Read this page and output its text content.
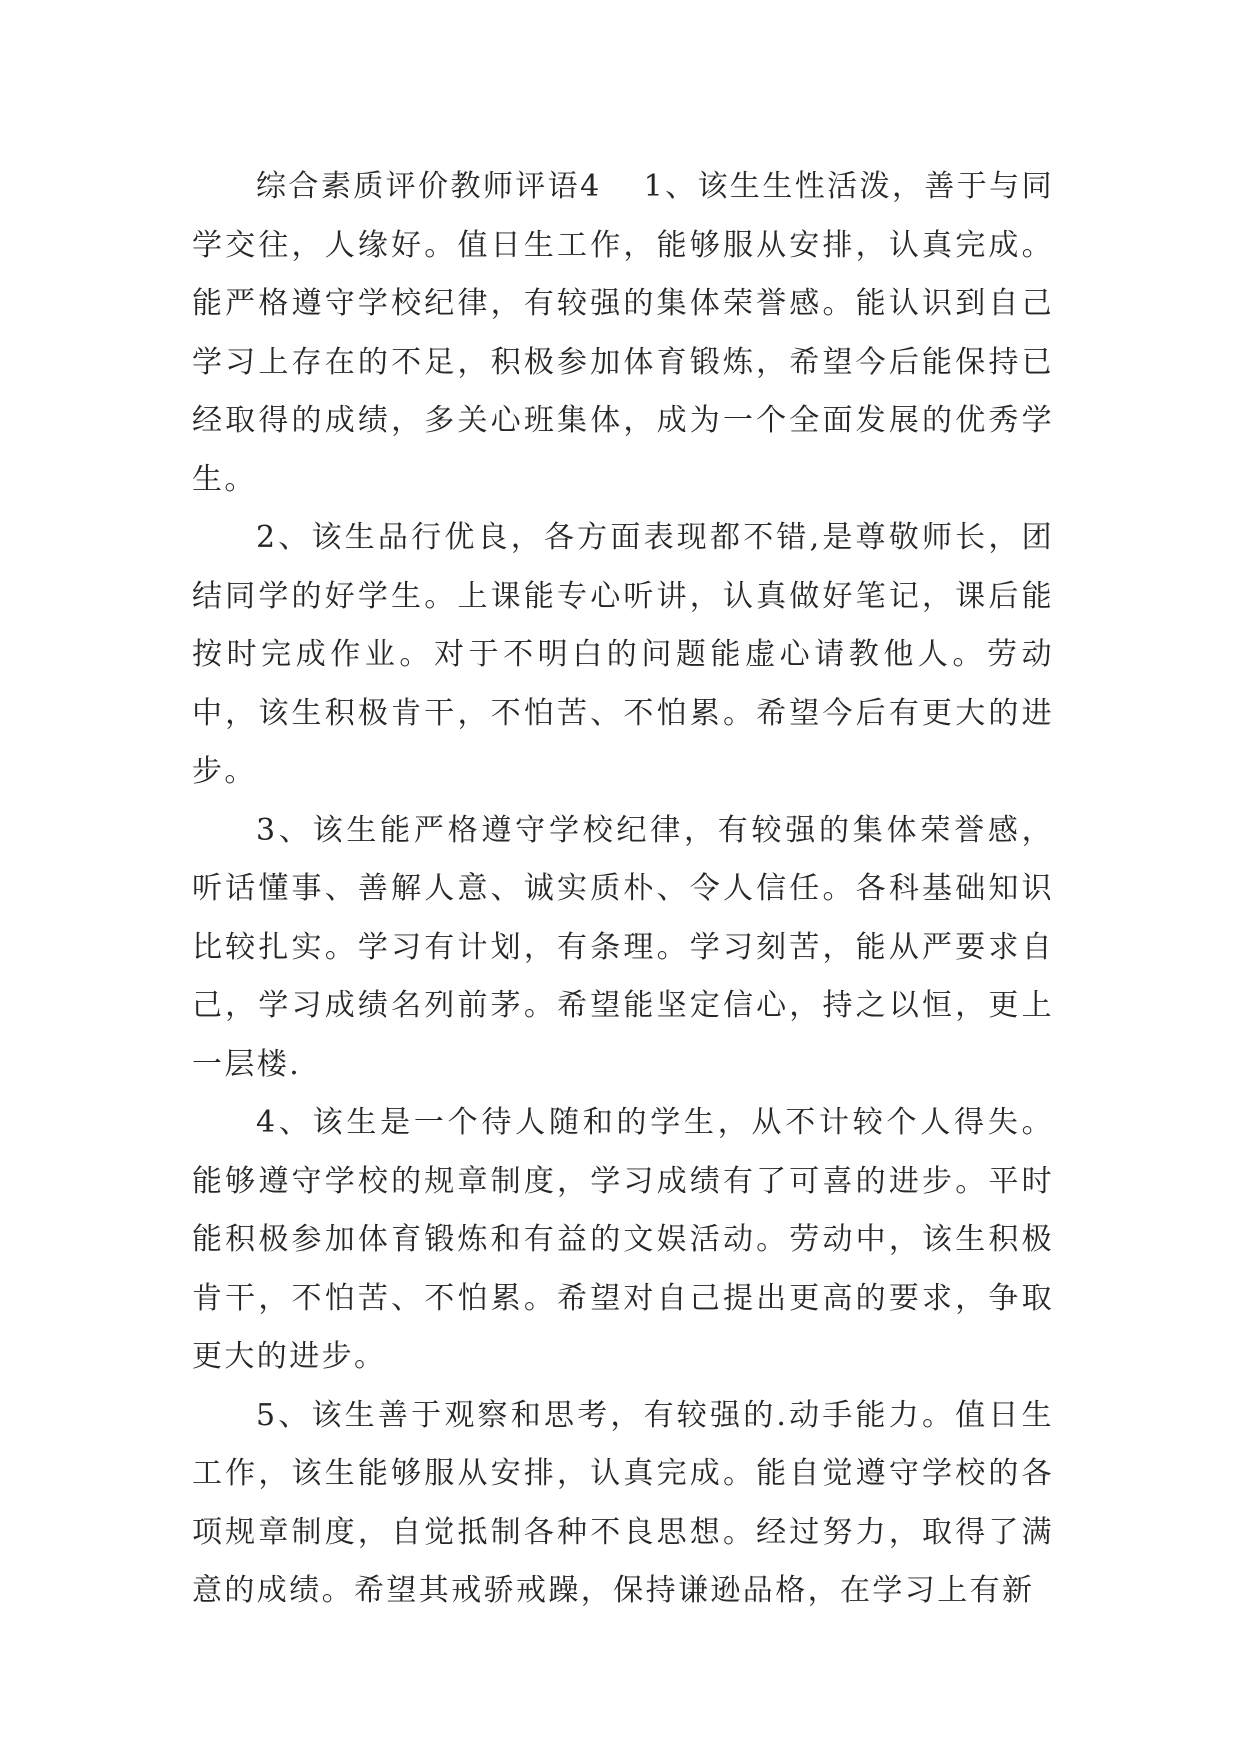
综合素质评价教师评语4 1、该生生性活泼，善于与同学交往，人缘好。值日生工作，能够服从安排，认真完成。能严格遵守学校纪律，有较强的集体荣誉感。能认识到自己学习上存在的不足，积极参加体育锻炼，希望今后能保持已经取得的成绩，多关心班集体，成为一个全面发展的优秀学生。

2、该生品行优良，各方面表现都不错,是尊敬师长，团结同学的好学生。上课能专心听讲，认真做好笔记，课后能按时完成作业。对于不明白的问题能虚心请教他人。劳动中，该生积极肯干，不怕苦、不怕累。希望今后有更大的进步。

3、该生能严格遵守学校纪律，有较强的集体荣誉感，听话懂事、善解人意、诚实质朴、令人信任。各科基础知识比较扎实。学习有计划，有条理。学习刻苦，能从严要求自己，学习成绩名列前茅。希望能坚定信心，持之以恒，更上一层楼.

4、该生是一个待人随和的学生，从不计较个人得失。能够遵守学校的规章制度，学习成绩有了可喜的进步。平时能积极参加体育锻炼和有益的文娱活动。劳动中，该生积极肯干，不怕苦、不怕累。希望对自己提出更高的要求，争取更大的进步。

5、该生善于观察和思考，有较强的.动手能力。值日生工作，该生能够服从安排，认真完成。能自觉遵守学校的各项规章制度，自觉抵制各种不良思想。经过努力，取得了满意的成绩。希望其戒骄戒躁，保持谦逊品格，在学习上有新
